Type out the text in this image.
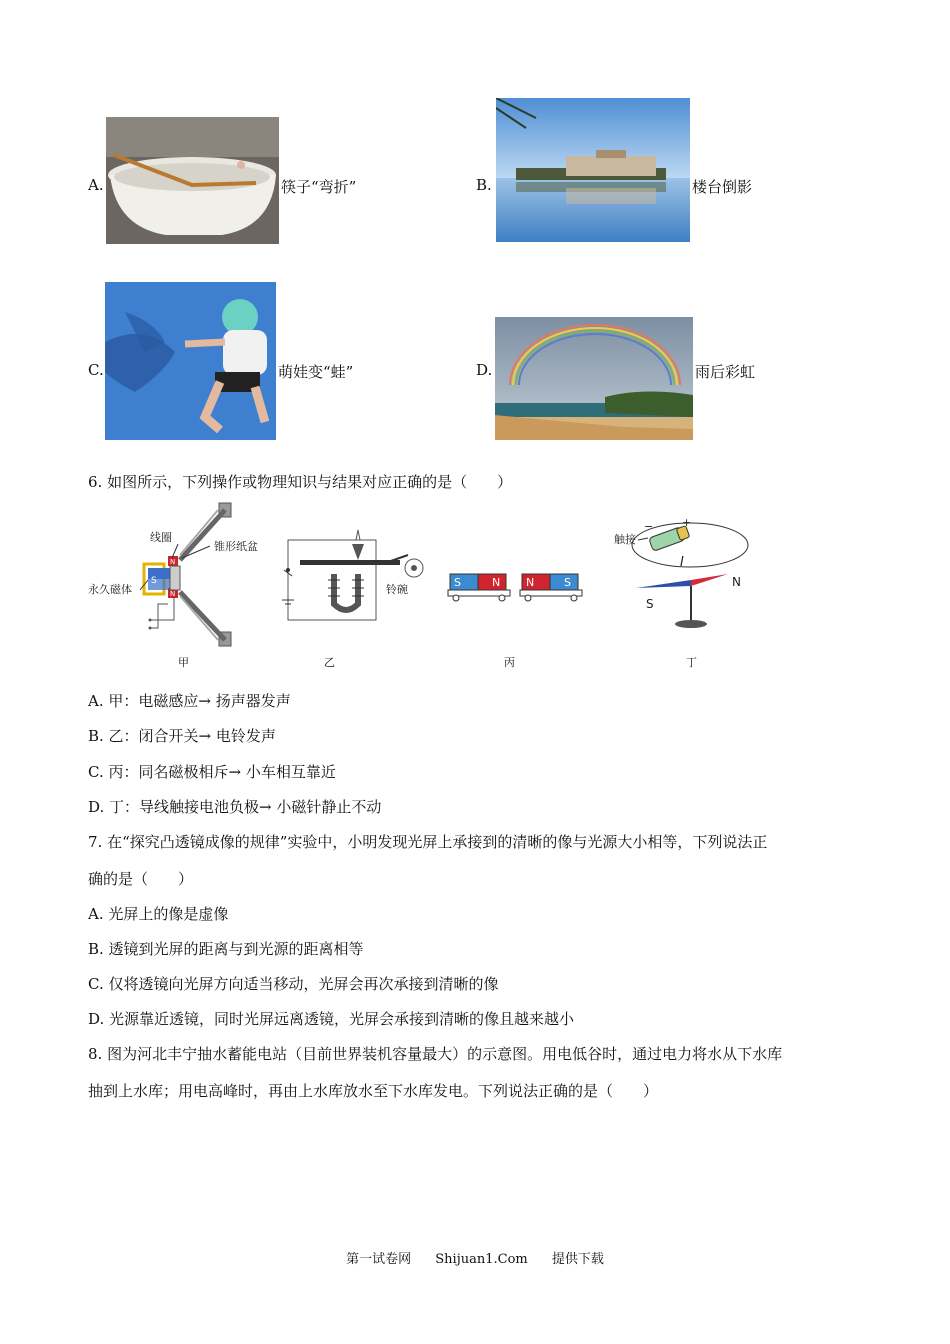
A.	筷子“弯折”	B.	楼台倒影
C.	萌娃变“蛙”	D.	雨后彩虹
6. 如图所示，下列操作或物理知识与结果对应正确的是（　　）
线圈
锥形纸盆
永久磁体
S
N
N	铃碗
S	N N	S
触接
−	+
I
N
S
甲	乙	丙	丁
A. 甲：电磁感应→ 扬声器发声
B. 乙：闭合开关→ 电铃发声
C. 丙：同名磁极相斥→ 小车相互靠近
D. 丁：导线触接电池负极→ 小磁针静止不动
7. 在“探究凸透镜成像的规律”实验中，小明发现光屏上承接到的清晰的像与光源大小相等，下列说法正
确的是（　　）
A. 光屏上的像是虚像
B. 透镜到光屏的距离与到光源的距离相等
C. 仅将透镜向光屏方向适当移动，光屏会再次承接到清晰的像
D. 光源靠近透镜，同时光屏远离透镜，光屏会承接到清晰的像且越来越小
8. 图为河北丰宁抽水蓄能电站（目前世界装机容量最大）的示意图。用电低谷时，通过电力将水从下水库
抽到上水库；用电高峰时，再由上水库放水至下水库发电。下列说法正确的是（　　）
第一试卷网 Shijuan1.Com 提供下载
